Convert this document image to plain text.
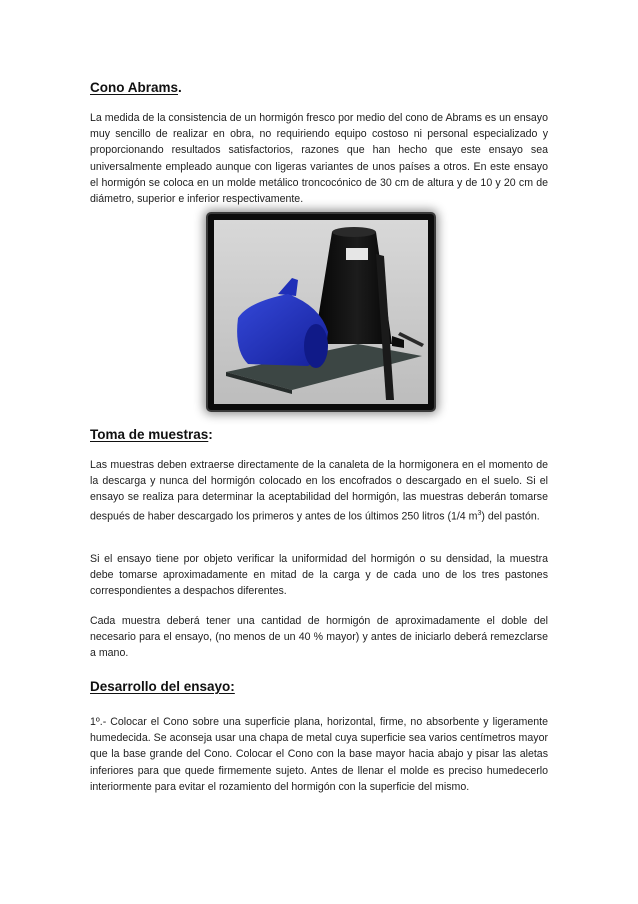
Cono Abrams.

La medida de la consistencia de un hormigón fresco por medio del cono de Abrams es un ensayo muy sencillo de realizar en obra, no requiriendo equipo costoso ni personal especializado y proporcionando resultados satisfactorios, razones que han hecho que este ensayo sea universalmente empleado aunque con ligeras variantes de unos países a otros. En este ensayo el hormigón se coloca en un molde metálico troncocónico de 30 cm de altura y de 10 y 20 cm de diámetro, superior e inferior respectivamente.

Toma de muestras:

Las muestras deben extraerse directamente de la canaleta de la hormigonera en el momento de la descarga y nunca del hormigón colocado en los encofrados o descargado en el suelo. Si el ensayo se realiza para determinar la aceptabilidad del hormigón, las muestras deberán tomarse después de haber descargado los primeros y antes de los últimos 250 litros (1/4 $m^3$) del pastón.

Si el ensayo tiene por objeto verificar la uniformidad del hormigón o su densidad, la muestra debe tomarse aproximadamente en mitad de la carga y de cada uno de los tres pastones correspondientes a despachos diferentes.

Cada muestra deberá tener una cantidad de hormigón de aproximadamente el doble del necesario para el ensayo, (no menos de un 40 % mayor) y antes de iniciarlo deberá remezclarse a mano.

Desarrollo del ensayo:

1º.- Colocar el Cono sobre una superficie plana, horizontal, firme, no absorbente y ligeramente humedecida. Se aconseja usar una chapa de metal cuya superficie sea varios centímetros mayor que la base grande del Cono. Colocar el Cono con la base mayor hacia abajo y pisar las aletas inferiores para que quede firmemente sujeto. Antes de llenar el molde es preciso humedecerlo interiormente para evitar el rozamiento del hormigón con la superficie del mismo.
